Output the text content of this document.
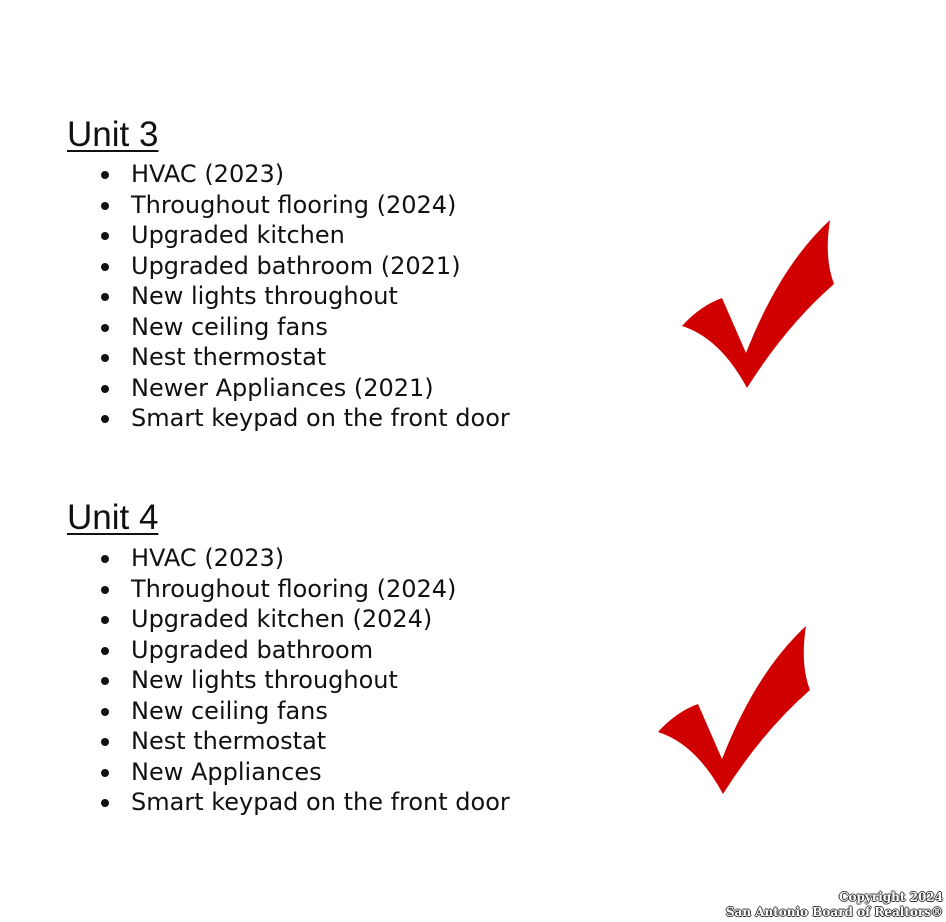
Unit 3
HVAC (2023)
Throughout flooring (2024)
Upgraded kitchen
Upgraded bathroom (2021)
New lights throughout
New ceiling fans
Nest thermostat
Newer Appliances (2021)
Smart keypad on the front door
Unit 4
HVAC (2023)
Throughout flooring (2024)
Upgraded kitchen (2024)
Upgraded bathroom
New lights throughout
New ceiling fans
Nest thermostat
New Appliances
Smart keypad on the front door
Copyright 2024
San Antonio Board of Realtors®
